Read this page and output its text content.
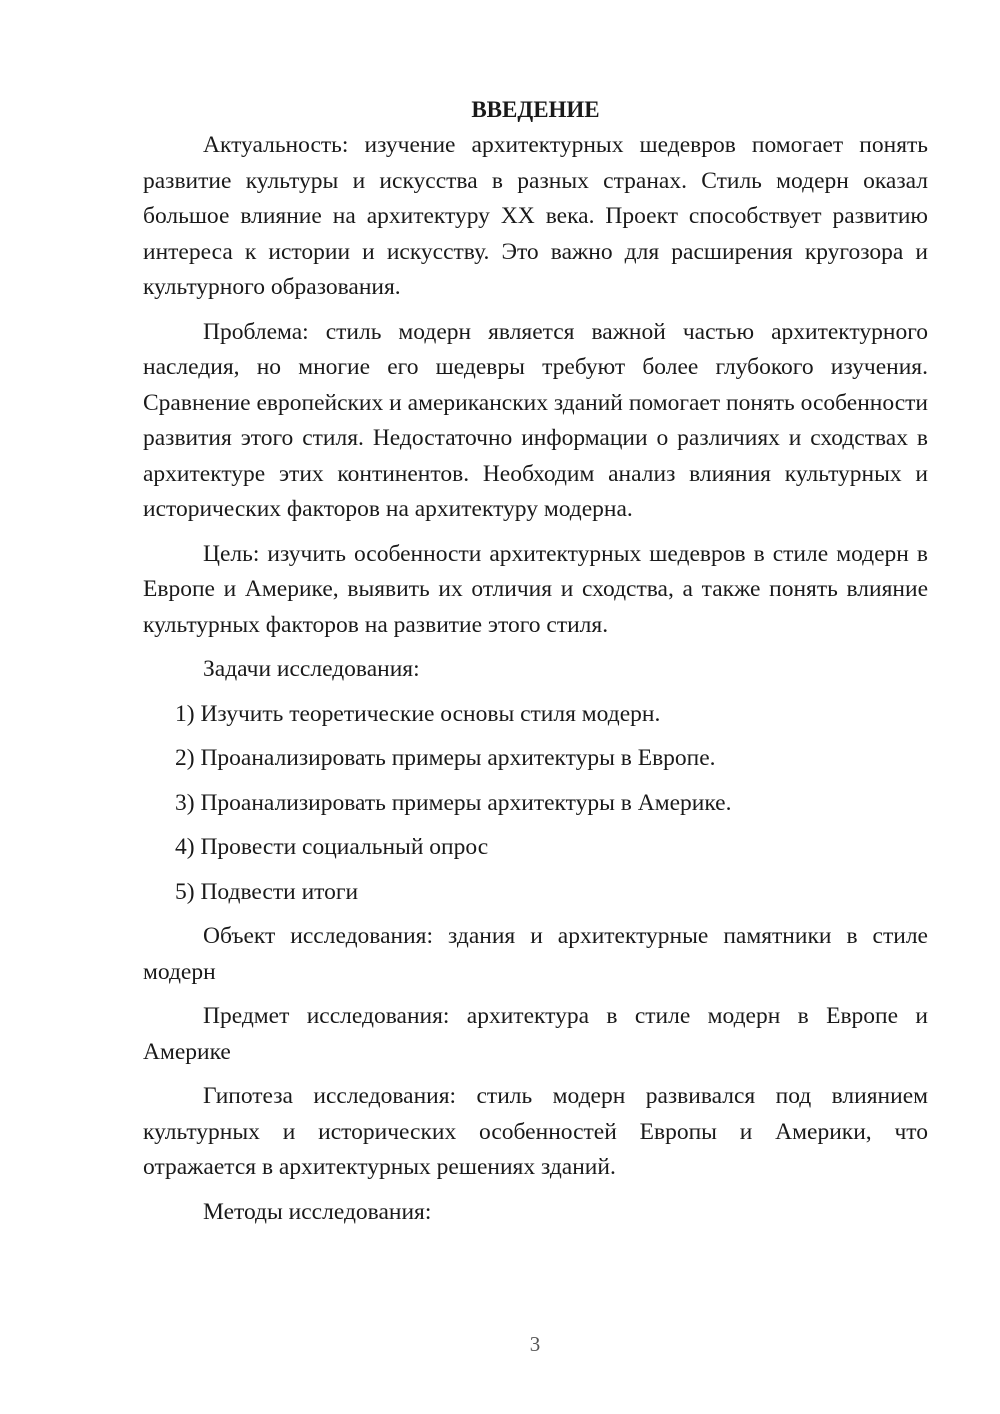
ВВЕДЕНИЕ
Актуальность: изучение архитектурных шедевров помогает понять развитие культуры и искусства в разных странах. Стиль модерн оказал большое влияние на архитектуру XX века. Проект способствует развитию интереса к истории и искусству. Это важно для расширения кругозора и культурного образования.
Проблема: стиль модерн является важной частью архитектурного наследия, но многие его шедевры требуют более глубокого изучения. Сравнение европейских и американских зданий помогает понять особенности развития этого стиля. Недостаточно информации о различиях и сходствах в архитектуре этих континентов. Необходим анализ влияния культурных и исторических факторов на архитектуру модерна.
Цель: изучить особенности архитектурных шедевров в стиле модерн в Европе и Америке, выявить их отличия и сходства, а также понять влияние культурных факторов на развитие этого стиля.
Задачи исследования:
1) Изучить теоретические основы стиля модерн.
2) Проанализировать примеры архитектуры в Европе.
3) Проанализировать примеры архитектуры в Америке.
4) Провести социальный опрос
5) Подвести итоги
Объект исследования: здания и архитектурные памятники в стиле модерн
Предмет исследования: архитектура в стиле модерн в Европе и Америке
Гипотеза исследования: стиль модерн развивался под влиянием культурных и исторических особенностей Европы и Америки, что отражается в архитектурных решениях зданий.
Методы исследования:
3
